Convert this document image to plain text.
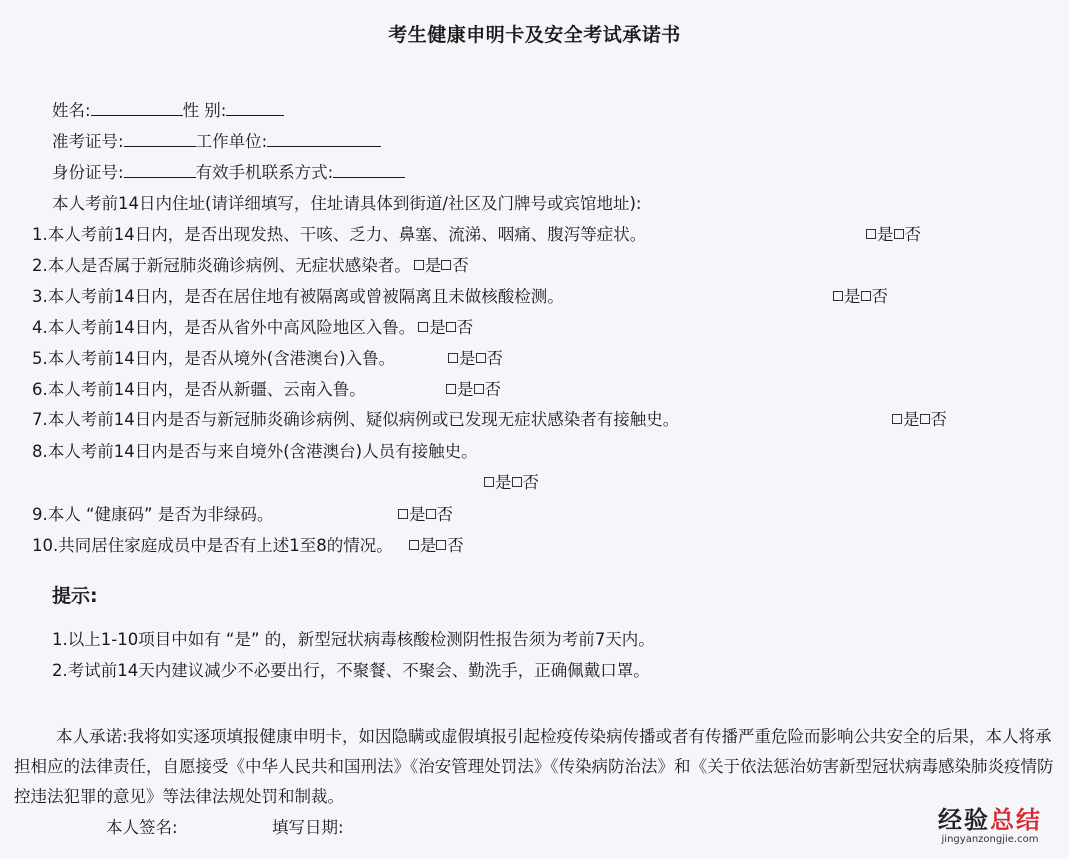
考生健康申明卡及安全考试承诺书
姓名:	性 别:
准考证号:	工作单位:
身份证号:	有效手机联系方式:
本人考前14日内住址(请详细填写，住址请具体到街道/社区及门牌号或宾馆地址):
1.本人考前14日内，是否出现发热、干咳、乏力、鼻塞、流涕、咽痛、腹泻等症状。	是 否
2.本人是否属于新冠肺炎确诊病例、无症状感染者。 是 否
3.本人考前14日内，是否在居住地有被隔离或曾被隔离且未做核酸检测。	是 否
4.本人考前14日内，是否从省外中高风险地区入鲁。 是 否
5.本人考前14日内，是否从境外(含港澳台)入鲁。	是 否
6.本人考前14日内，是否从新疆、云南入鲁。	是 否
7.本人考前14日内是否与新冠肺炎确诊病例、疑似病例或已发现无症状感染者有接触史。	是 否
8.本人考前14日内是否与来自境外(含港澳台)人员有接触史。
是 否
9.本人 “健康码” 是否为非绿码。	是 否
10.共同居住家庭成员中是否有上述1至8的情况。 是 否
提示:
1.以上1-10项目中如有 “是” 的，新型冠状病毒核酸检测阴性报告须为考前7天内。
2.考试前14天内建议减少不必要出行，不聚餐、不聚会、勤洗手，正确佩戴口罩。
本人承诺:我将如实逐项填报健康申明卡，如因隐瞒或虚假填报引起检疫传染病传播或者有传播严重危险而影响公共安全的后果，本人将承担相应的法律责任，自愿接受《中华人民共和国刑法》《治安管理处罚法》《传染病防治法》和《关于依法惩治妨害新型冠状病毒感染肺炎疫情防控违法犯罪的意见》等法律法规处罚和制裁。
本人签名:	填写日期:	经验总结
jingyanzongjie.com
